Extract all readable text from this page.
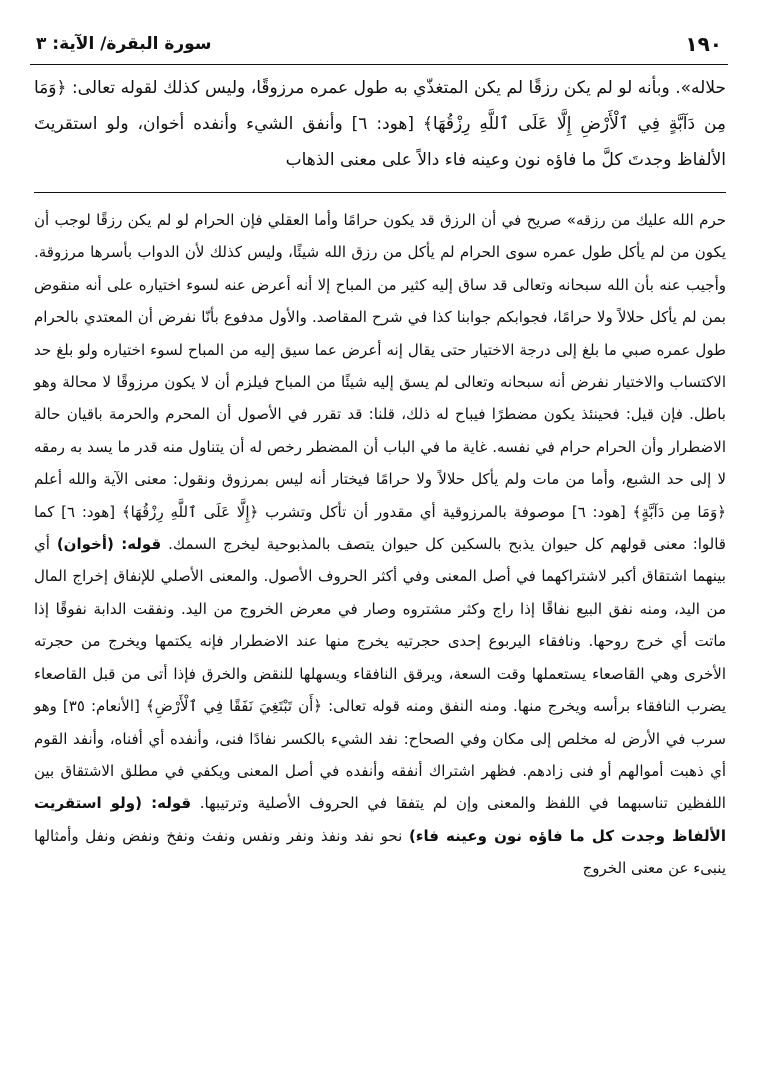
١٩٠
سورة البقرة/ الآية: ٣

حلاله». وبأنه لو لم يكن رزقًا لم يكن المتغذّي به طول عمره مرزوقًا، وليس كذلك لقوله تعالى: ﴿وَمَا مِن دَآبَّةٍ فِي ٱلْأَرْضِ إِلَّا عَلَى ٱللَّهِ رِزْقُهَا﴾ [هود: ٦] وأنفق الشيء وأنفده أخوان، ولو استقريتَ الألفاظ وجدتَ كلَّ ما فاؤه نون وعينه فاء دالاً على معنى الذهاب

حرم الله عليك من رزقه» صريح في أن الرزق قد يكون حرامًا وأما العقلي فإن الحرام لو لم يكن رزقًا لوجب أن يكون من لم يأكل طول عمره سوى الحرام لم يأكل من رزق الله شيئًا، وليس كذلك لأن الدواب بأسرها مرزوقة. وأجيب عنه بأن الله سبحانه وتعالى قد ساق إليه كثير من المباح إلا أنه أعرض عنه لسوء اختياره على أنه منقوض بمن لم يأكل حلالاً ولا حرامًا، فجوابكم جوابنا كذا في شرح المقاصد. والأول مدفوع بأنّا نفرض أن المعتدي بالحرام طول عمره صبي ما بلغ إلى درجة الاختيار حتى يقال إنه أعرض عما سيق إليه من المباح لسوء اختياره ولو بلغ حد الاكتساب والاختيار نفرض أنه سبحانه وتعالى لم يسق إليه شيئًا من المباح فيلزم أن لا يكون مرزوقًا لا محالة وهو باطل. فإن قيل: فحينئذ يكون مضطرًا فيباح له ذلك، قلنا: قد تقرر في الأصول أن المحرم والحرمة باقيان حالة الاضطرار وأن الحرام حرام في نفسه. غاية ما في الباب أن المضطر رخص له أن يتناول منه قدر ما يسد به رمقه لا إلى حد الشبع، وأما من مات ولم يأكل حلالاً ولا حرامًا فيختار أنه ليس بمرزوق ونقول: معنى الآية والله أعلم ﴿وَمَا مِن دَآبَّةٍ﴾ [هود: ٦] موصوفة بالمرزوقية أي مقدور أن تأكل وتشرب ﴿إِلَّا عَلَى ٱللَّهِ رِزْقُهَا﴾ [هود: ٦] كما قالوا: معنى قولهم كل حيوان يذبح بالسكين كل حيوان يتصف بالمذبوحية ليخرج السمك. قوله: (أخوان) أي بينهما اشتقاق أكبر لاشتراكهما في أصل المعنى وفي أكثر الحروف الأصول. والمعنى الأصلي للإنفاق إخراج المال من اليد، ومنه نفق البيع نفاقًا إذا راج وكثر مشتروه وصار في معرض الخروج من اليد. ونفقت الدابة نفوقًا إذا ماتت أي خرج روحها. ونافقاء اليربوع إحدى حجرتيه يخرج منها عند الاضطرار فإنه يكتمها ويخرج من حجرته الأخرى وهي القاصعاء يستعملها وقت السعة، ويرقق النافقاء ويسهلها للنقض والخرق فإذا أتى من قبل القاصعاء يضرب النافقاء برأسه ويخرج منها. ومنه النفق ومنه قوله تعالى: ﴿أَن تَبْتَغِيَ نَفَقًا فِي ٱلْأَرْضِ﴾ [الأنعام: ٣٥] وهو سرب في الأرض له مخلص إلى مكان وفي الصحاح: نفد الشيء بالكسر نفادًا فنى، وأنفده أي أفناه، وأنفد القوم أي ذهبت أموالهم أو فنى زادهم. فظهر اشتراك أنفقه وأنفده في أصل المعنى ويكفي في مطلق الاشتقاق بين اللفظين تناسبهما في اللفظ والمعنى وإن لم يتفقا في الحروف الأصلية وترتيبها. قوله: (ولو استقريت الألفاظ وجدت كل ما فاؤه نون وعينه فاء) نحو نفد ونفذ ونفر ونفس ونفث ونفخ ونفض ونفل وأمثالها ينبىء عن معنى الخروج
